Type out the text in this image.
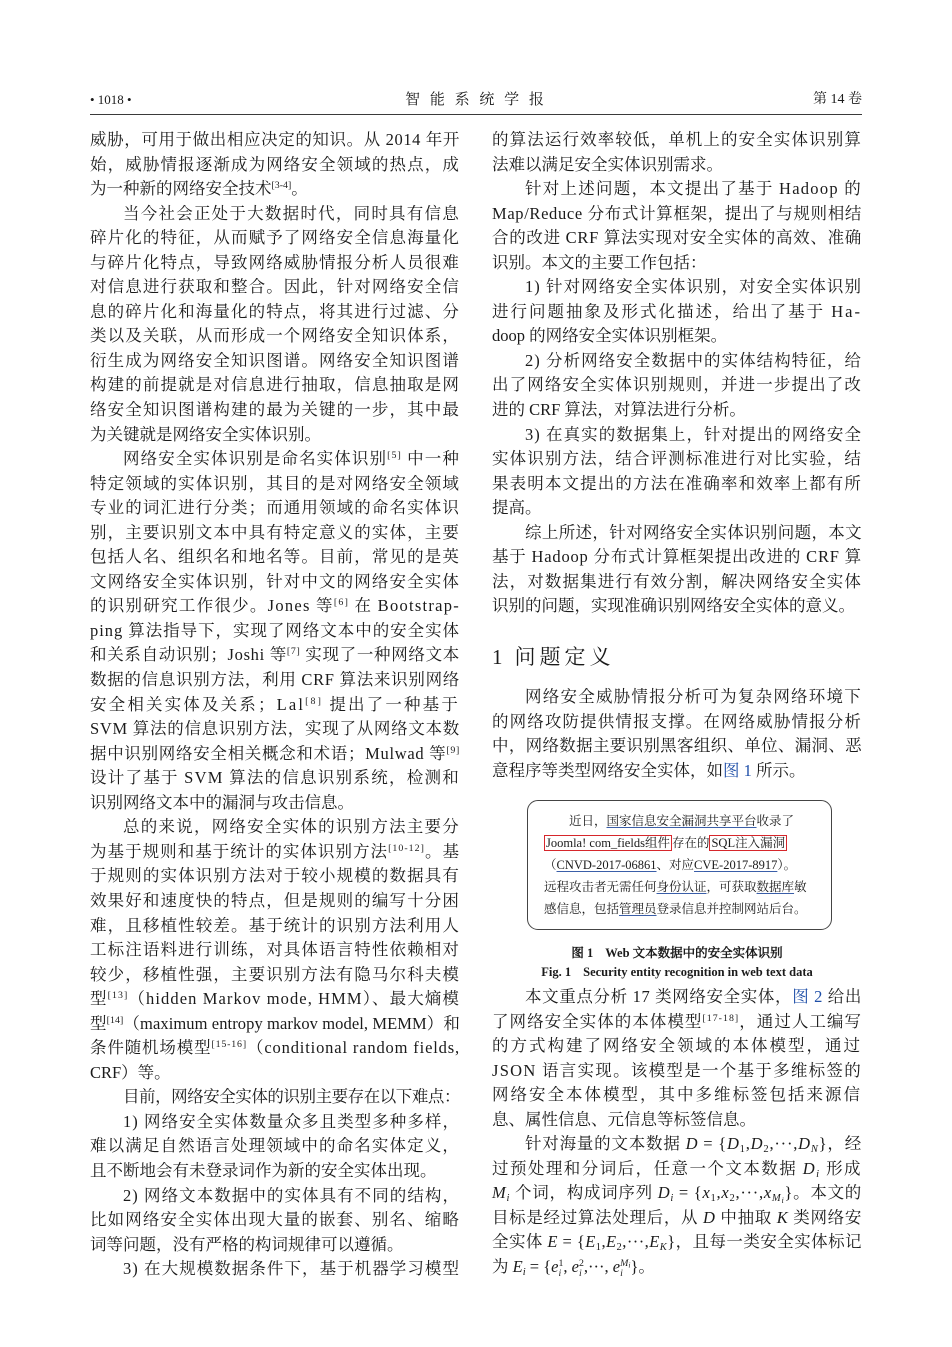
• 1018 •	智 能 系 统 学 报	第 14 卷
威胁，可用于做出相应决定的知识。从 2014 年开
始，威胁情报逐渐成为网络安全领域的热点，成
为一种新的网络安全技术[3-4]。
当今社会正处于大数据时代，同时具有信息
碎片化的特征，从而赋予了网络安全信息海量化
与碎片化特点，导致网络威胁情报分析人员很难
对信息进行获取和整合。因此，针对网络安全信
息的碎片化和海量化的特点，将其进行过滤、分
类以及关联，从而形成一个网络安全知识体系，
衍生成为网络安全知识图谱。网络安全知识图谱
构建的前提就是对信息进行抽取，信息抽取是网
络安全知识图谱构建的最为关键的一步，其中最
为关键就是网络安全实体识别。
网络安全实体识别是命名实体识别[5] 中一种
特定领域的实体识别，其目的是对网络安全领域
专业的词汇进行分类；而通用领域的命名实体识
别，主要识别文本中具有特定意义的实体，主要
包括人名、组织名和地名等。目前，常见的是英
文网络安全实体识别，针对中文的网络安全实体
的识别研究工作很少。Jones 等[6] 在 Bootstrap-
ping 算法指导下，实现了网络文本中的安全实体
和关系自动识别；Joshi 等[7] 实现了一种网络文本
数据的信息识别方法，利用 CRF 算法来识别网络
安全相关实体及关系；Lal[8] 提出了一种基于
SVM 算法的信息识别方法，实现了从网络文本数
据中识别网络安全相关概念和术语；Mulwad 等[9]
设计了基于 SVM 算法的信息识别系统，检测和
识别网络文本中的漏洞与攻击信息。
总的来说，网络安全实体的识别方法主要分
为基于规则和基于统计的实体识别方法[10-12]。基
于规则的实体识别方法对于较小规模的数据具有
效果好和速度快的特点，但是规则的编写十分困
难，且移植性较差。基于统计的识别方法利用人
工标注语料进行训练，对具体语言特性依赖相对
较少，移植性强，主要识别方法有隐马尔科夫模
型[13]（hidden Markov mode, HMM）、最大熵模
型[14]（maximum entropy markov model, MEMM）和
条件随机场模型[15-16]（conditional random fields,
CRF）等。
目前，网络安全实体的识别主要存在以下难点：
1) 网络安全实体数量众多且类型多种多样，
难以满足自然语言处理领域中的命名实体定义，
且不断地会有未登录词作为新的安全实体出现。
2) 网络文本数据中的实体具有不同的结构，
比如网络安全实体出现大量的嵌套、别名、缩略
词等问题，没有严格的构词规律可以遵循。
3) 在大规模数据条件下，基于机器学习模型
的算法运行效率较低，单机上的安全实体识别算
法难以满足安全实体识别需求。
针对上述问题，本文提出了基于 Hadoop 的
Map/Reduce 分布式计算框架，提出了与规则相结
合的改进 CRF 算法实现对安全实体的高效、准确
识别。本文的主要工作包括：
1) 针对网络安全实体识别，对安全实体识别
进行问题抽象及形式化描述，给出了基于 Ha-
doop 的网络安全实体识别框架。
2) 分析网络安全数据中的实体结构特征，给
出了网络安全实体识别规则，并进一步提出了改
进的 CRF 算法，对算法进行分析。
3) 在真实的数据集上，针对提出的网络安全
实体识别方法，结合评测标准进行对比实验，结
果表明本文提出的方法在准确率和效率上都有所
提高。
综上所述，针对网络安全实体识别问题，本文
基于 Hadoop 分布式计算框架提出改进的 CRF 算
法，对数据集进行有效分割，解决网络安全实体
识别的问题，实现准确识别网络安全实体的意义。
1 问题定义
网络安全威胁情报分析可为复杂网络环境下
的网络攻防提供情报支撑。在网络威胁情报分析
中，网络数据主要识别黑客组织、单位、漏洞、恶
意程序等类型网络安全实体，如图 1 所示。
近日，国家信息安全漏洞共享平台收录了
Joomla! com_fields组件 存在的 SQL注入漏洞
（CNVD-2017-06861、对应CVE-2017-8917）。
远程攻击者无需任何身份认证，可获取数据库敏
感信息，包括管理员登录信息并控制网站后台。
图 1 Web 文本数据中的安全实体识别
Fig. 1 Security entity recognition in web text data
本文重点分析 17 类网络安全实体，图 2 给出
了网络安全实体的本体模型[17-18]，通过人工编写
的方式构建了网络安全领域的本体模型，通过
JSON 语言实现。该模型是一个基于多维标签的
网络安全本体模型，其中多维标签包括来源信
息、属性信息、元信息等标签信息。
针对海量的文本数据 $D = \{D_1,D_2,\cdot\cdot\cdot,D_N\}$，经
过预处理和分词后，任意一个文本数据 $D_i$ 形成
$M_i$ 个词，构成词序列 $D_i = \{x_1,x_2,\cdot\cdot\cdot,x_{Mi}\}$。本文的
目标是经过算法处理后，从 D 中抽取 K 类网络安
全实体 $E = \{E_1,E_2,\cdot\cdot\cdot,E_K\}$，且每一类安全实体标记
为 $E_i = \{e$ 1
i , e 2
i ,···, e Mi
i }。
